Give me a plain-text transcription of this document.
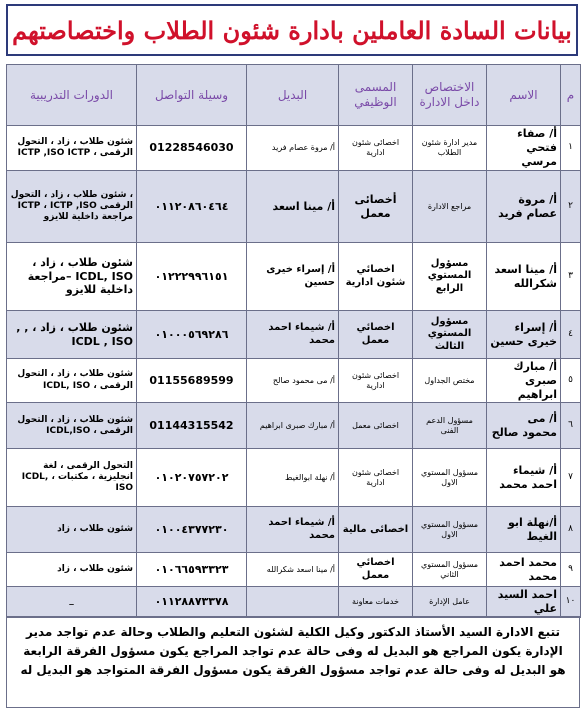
بيانات السادة العاملين بادارة شئون الطلاب واختصاصتهم
م	الاسم	الاختصاص داخل الادارة	المسمى الوظيفي	البديل	وسيلة التواصل	الدورات التدريبية
١	أ/ صفاء فتحي مرسي	مدير ادارة شئون الطلاب	اخصائى شئون ادارية	أ/ مروة عصام فريد	01228546030	شئون طلاب ، زاد ، التحول الرقمى ، ICTP ,ISO ICTP
٢	أ/ مروة عصام فريد	مراجع الادارة	أخصائى معمل	أ/ مينا اسعد	٠١١٢٠٨٦٠٤٦٤	، شئون طلاب ، زاد ، التحول الرقمى ICTP ، ICTP ,ISO مراجعة داخلية للايزو
٣	أ/ مينا اسعد شكرالله	مسؤول المستوي الرابع	اخصائي شئون ادارية	أ/ إسراء خيرى حسين	٠١٢٢٢٩٩٦١٥١	شئون طلاب ، زاد ، ICDL, ISO –مراجعة داخلية للايزو
٤	أ/ إسراء خيرى حسين	مسؤول المستوي الثالث	اخصائي معمل	أ/ شيماء احمد محمد	٠١٠٠٠٥٦٩٢٨٦	شئون طلاب ، زاد ، , , ICDL , ISO
٥	أ/ مبارك صبرى ابراهيم	مختص الجداول	اخصائى شئون ادارية	أ/ مى محمود صالح	01155689599	شئون طلاب ، زاد ، التحول الرقمى ، ICDL, ISO
٦	أ/ مى محمود صالح	مسؤول الدعم الفنى	اخصائى معمل	أ/ مبارك صبرى ابراهيم	01144315542	شئون طلاب ، زاد ، التحول الرقمى ، ICDL,ISO
٧	أ/ شيماء احمد محمد	مسؤول المستوي الاول	اخصائى شئون ادارية	أ/ نهلة ابوالغيط	٠١٠٢٠٧٥٧٢٠٢	التحول الرقمى ، لغة انجليزية ، مكتبات ، ICDL, ISO
٨	أ/نهلة ابو الغيط	مسؤول المستوي الاول	اخصائى مالية	أ/ شيماء احمد محمد	٠١٠٠٤٣٧٧٢٣٠	شئون طلاب ، زاد
٩	محمد احمد محمد	مسؤول المستوي الثاني	اخصائي معمل	أ/ مينا اسعد شكرالله	٠١٠٦٦٥٩٣٣٢٣	شئون طلاب ، زاد
١٠	احمد السيد علي	عامل الإدارة	خدمات معاونة		٠١١٢٨٨٧٣٣٧٨	_
تتبع الادارة السيد الأستاذ الدكتور وكيل الكلية لشئون التعليم والطلاب وحالة عدم تواجد مدير الإدارة يكون المراجع هو البديل له وفى حالة عدم تواجد المراجع يكون مسؤول الفرقة الرابعة هو البديل له وفى حالة عدم تواجد مسؤول الفرقة يكون مسؤول الفرقة المتواجد هو البديل له
